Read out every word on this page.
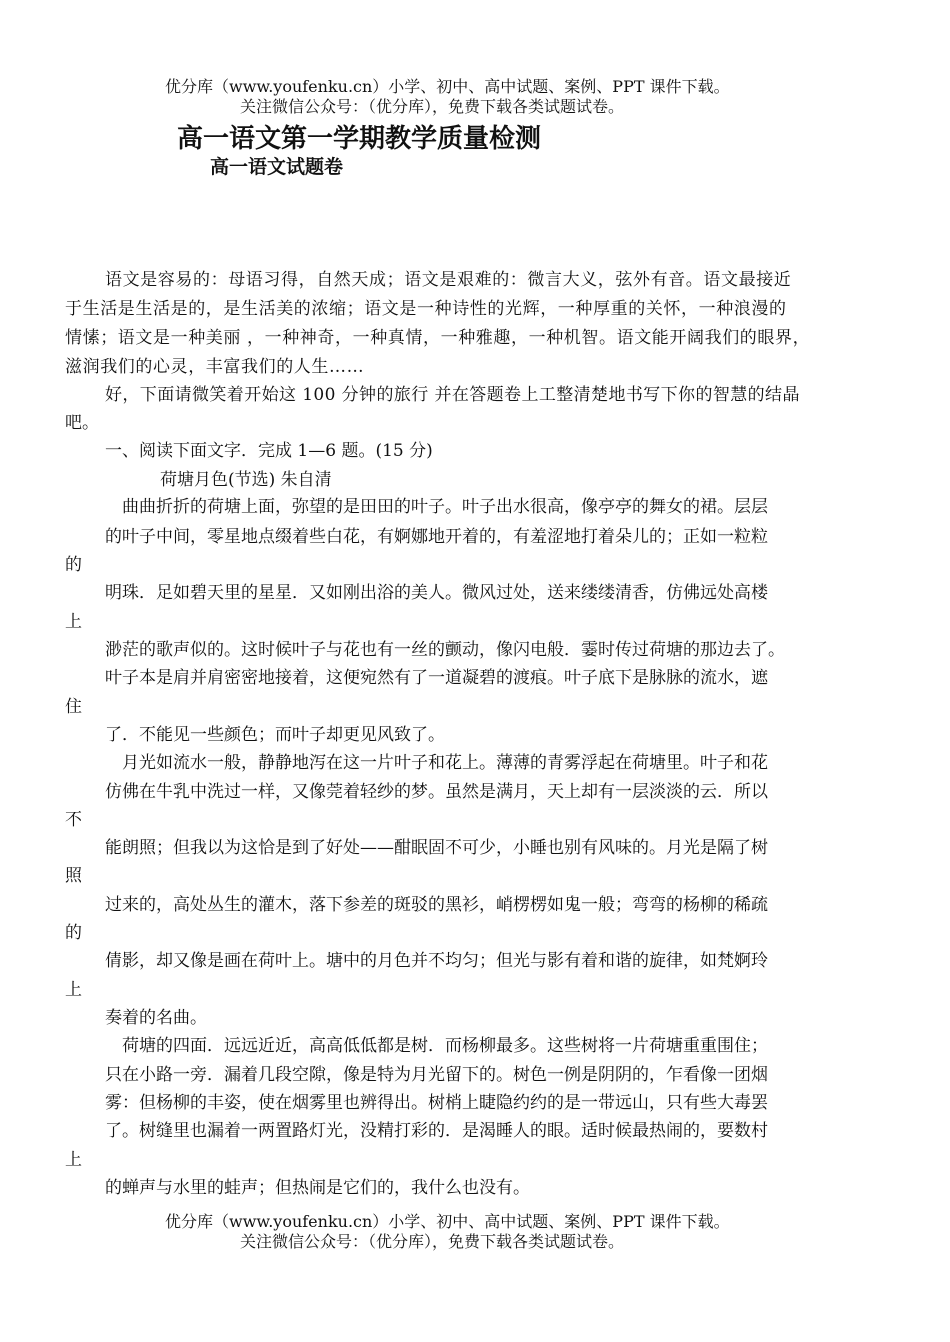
优分库（www.youfenku.cn）小学、初中、高中试题、案例、PPT 课件下载。
关注微信公众号：（优分库），免费下载各类试题试卷。
高一语文第一学期教学质量检测
高一语文试题卷
语文是容易的：母语习得，自然天成；语文是艰难的：微言大义，弦外有音。语文最接近
于生活是生活是的，是生活美的浓缩；语文是一种诗性的光辉，一种厚重的关怀，一种浪漫的
情愫；语文是一种美丽 ，一种神奇，一种真情，一种雅趣，一种机智。语文能开阔我们的眼界，
滋润我们的心灵，丰富我们的人生……
好，下面请微笑着开始这 100 分钟的旅行 并在答题卷上工整清楚地书写下你的智慧的结晶
吧。
一、阅读下面文字．完成 1—6 题。(15 分)
荷塘月色(节选) 朱自清
曲曲折折的荷塘上面，弥望的是田田的叶子。叶子出水很高，像亭亭的舞女的裙。层层
的叶子中间，零星地点缀着些白花，有婀娜地开着的，有羞涩地打着朵儿的；正如一粒粒
的
明珠．足如碧天里的星星．又如刚出浴的美人。微风过处，送来缕缕清香，仿佛远处高楼
上
渺茫的歌声似的。这时候叶子与花也有一丝的颤动，像闪电般．霎时传过荷塘的那边去了。
叶子本是肩并肩密密地接着，这便宛然有了一道凝碧的渡痕。叶子底下是脉脉的流水，遮
住
了．不能见一些颜色；而叶子却更见风致了。
月光如流水一般，静静地泻在这一片叶子和花上。薄薄的青雾浮起在荷塘里。叶子和花
仿佛在牛乳中洗过一样，又像莞着轻纱的梦。虽然是满月，天上却有一层淡淡的云．所以
不
能朗照；但我以为这恰是到了好处——酣眠固不可少，小睡也别有风味的。月光是隔了树
照
过来的，高处丛生的灌木，落下参差的斑驳的黑衫，峭楞楞如鬼一般；弯弯的杨柳的稀疏
的
倩影，却又像是画在荷叶上。塘中的月色并不均匀；但光与影有着和谐的旋律，如梵婀玲
上
奏着的名曲。
荷塘的四面．远远近近，高高低低都是树．而杨柳最多。这些树将一片荷塘重重围住；
只在小路一旁．漏着几段空隙，像是特为月光留下的。树色一例是阴阴的，乍看像一团烟
雾：但杨柳的丰姿，使在烟雾里也辨得出。树梢上睫隐约约的是一带远山，只有些大毒罢
了。树缝里也漏着一两置路灯光，没精打彩的．是渴睡人的眼。适时候最热闹的，要数村
上
的蝉声与水里的蛙声；但热闹是它们的，我什么也没有。
优分库（www.youfenku.cn）小学、初中、高中试题、案例、PPT 课件下载。
关注微信公众号：（优分库），免费下载各类试题试卷。
